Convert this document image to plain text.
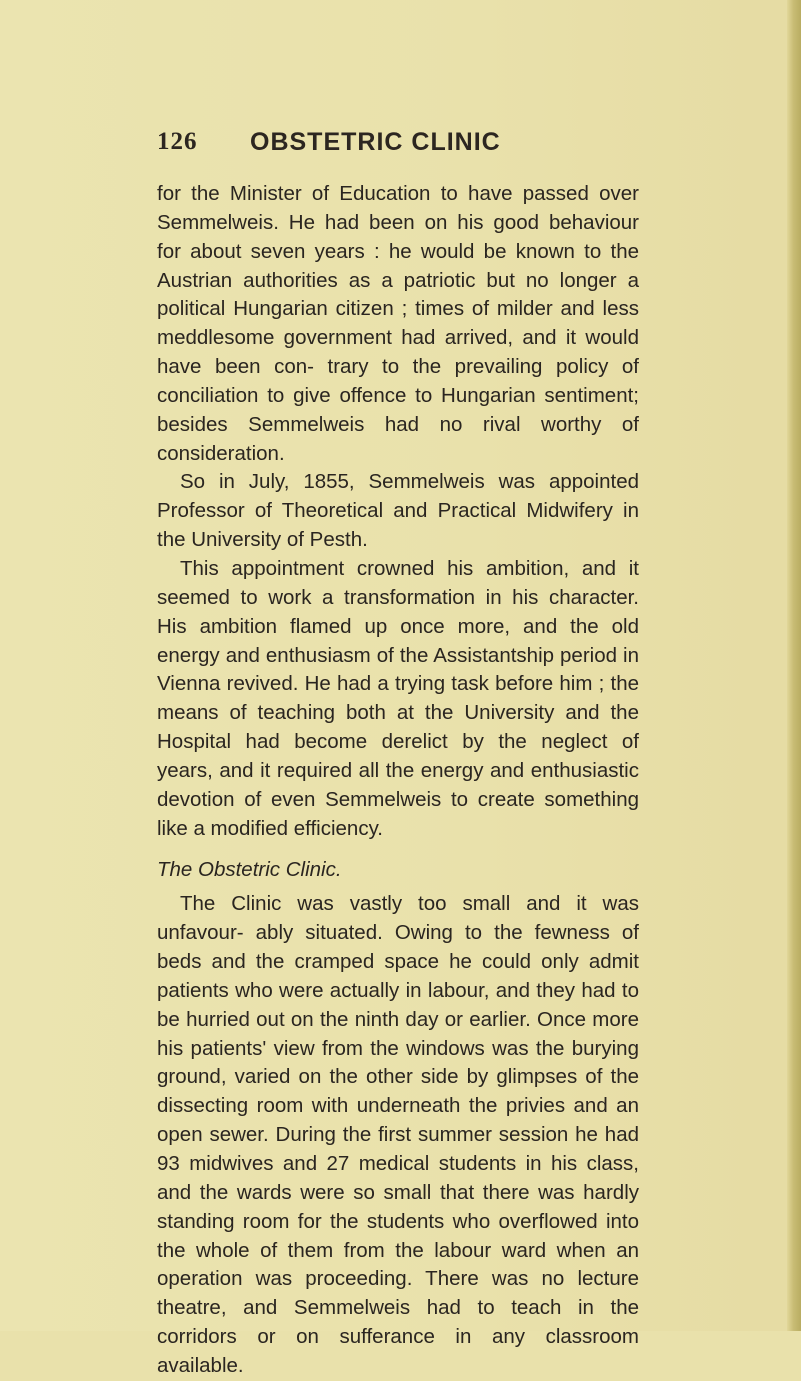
126 OBSTETRIC CLINIC

for the Minister of Education to have passed over Semmelweis. He had been on his good behaviour for about seven years : he would be known to the Austrian authorities as a patriotic but no longer a political Hungarian citizen ; times of milder and less meddlesome government had arrived, and it would have been con- trary to the prevailing policy of conciliation to give offence to Hungarian sentiment; besides Semmelweis had no rival worthy of consideration.

So in July, 1855, Semmelweis was appointed Professor of Theoretical and Practical Midwifery in the University of Pesth.

This appointment crowned his ambition, and it seemed to work a transformation in his character. His ambition flamed up once more, and the old energy and enthusiasm of the Assistantship period in Vienna revived. He had a trying task before him ; the means of teaching both at the University and the Hospital had become derelict by the neglect of years, and it required all the energy and enthusiastic devotion of even Semmelweis to create something like a modified efficiency.

The Obstetric Clinic.

The Clinic was vastly too small and it was unfavour- ably situated. Owing to the fewness of beds and the cramped space he could only admit patients who were actually in labour, and they had to be hurried out on the ninth day or earlier. Once more his patients' view from the windows was the burying ground, varied on the other side by glimpses of the dissecting room with underneath the privies and an open sewer. During the first summer session he had 93 midwives and 27 medical students in his class, and the wards were so small that there was hardly standing room for the students who overflowed into the whole of them from the labour ward when an operation was proceeding. There was no lecture theatre, and Semmelweis had to teach in the corridors or on sufferance in any classroom available.
